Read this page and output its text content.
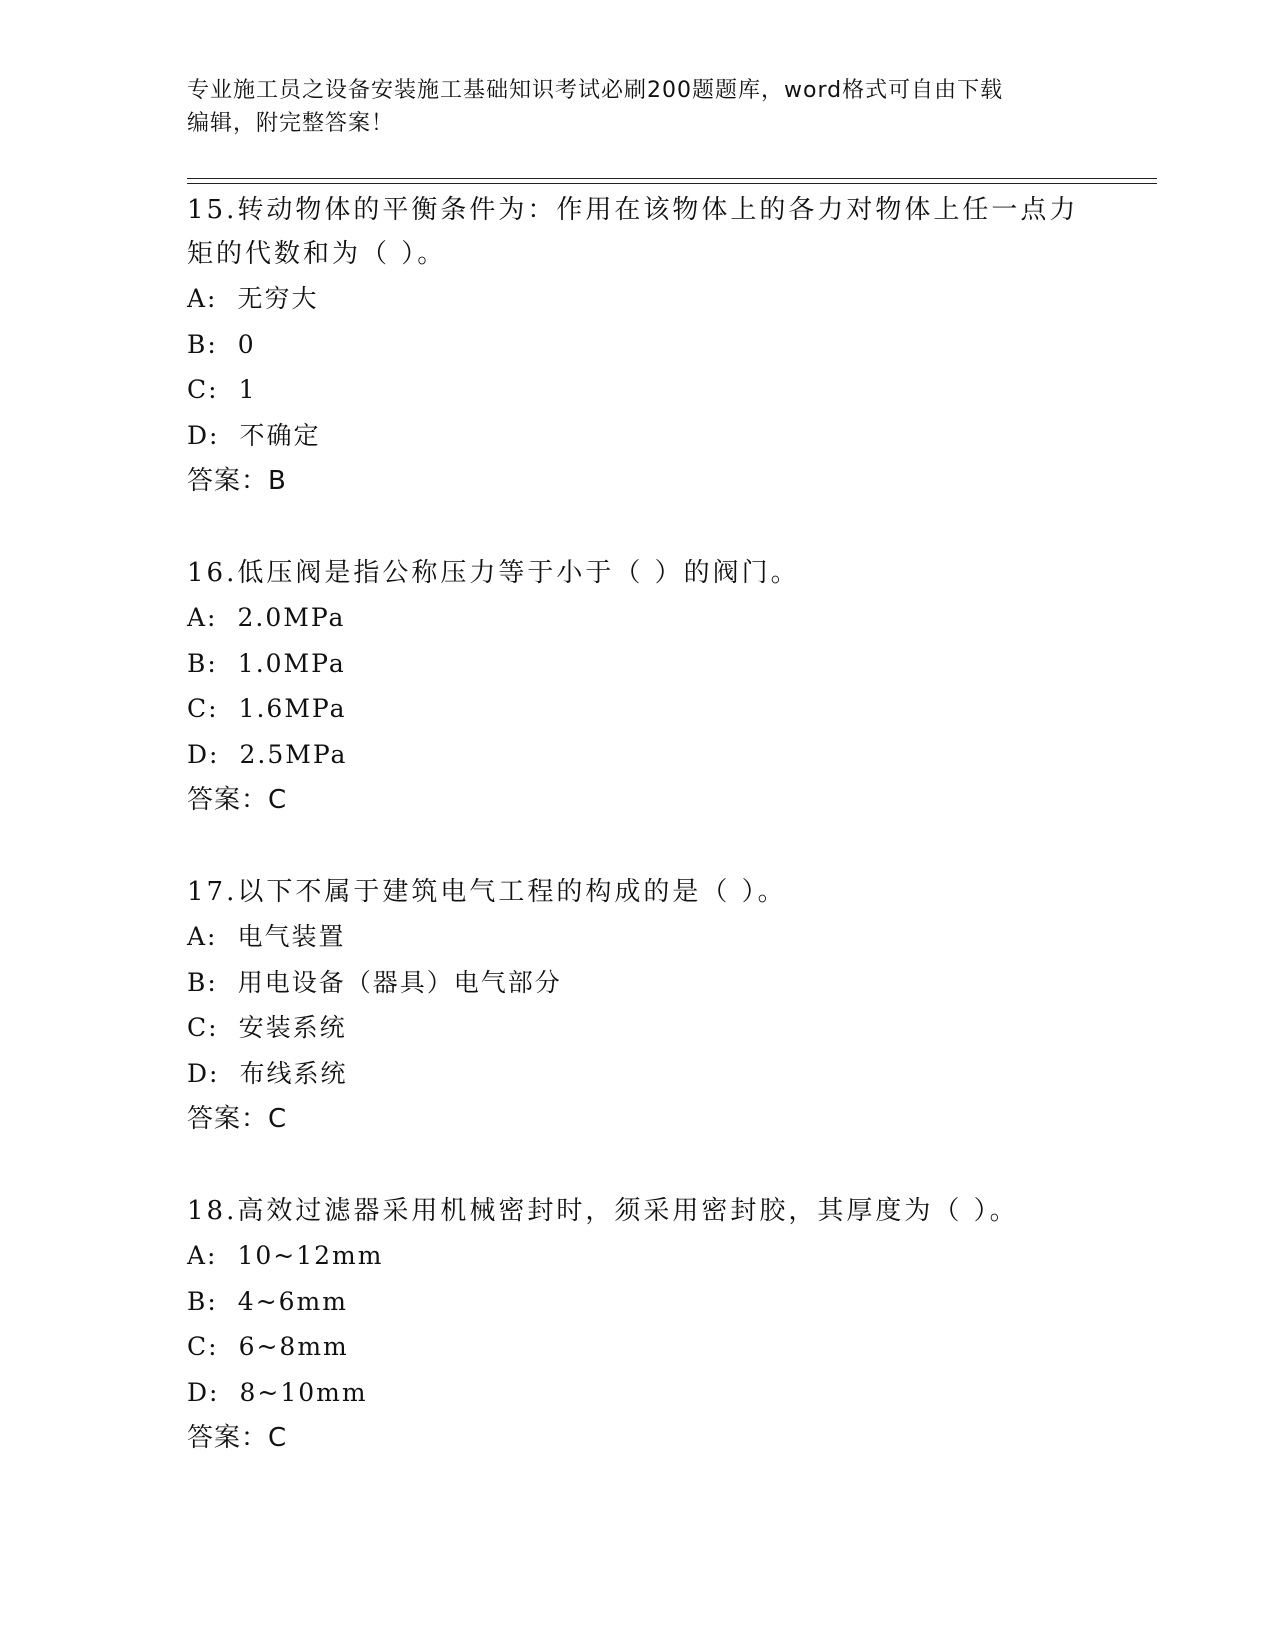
专业施工员之设备安装施工基础知识考试必刷200题题库，word格式可自由下载
编辑，附完整答案！

15.转动物体的平衡条件为：作用在该物体上的各力对物体上任一点力

矩的代数和为（ ）。

A: 无穷大

B: 0

C: 1

D: 不确定

答案：B

16.低压阀是指公称压力等于小于（ ）的阀门。

A: 2.0MPa

B: 1.0MPa

C: 1.6MPa

D: 2.5MPa

答案：C

17.以下不属于建筑电气工程的构成的是（ ）。

A: 电气装置

B: 用电设备（器具）电气部分

C: 安装系统

D: 布线系统

答案：C

18.高效过滤器采用机械密封时，须采用密封胶，其厚度为（ ）。

A: 10~12mm

B: 4~6mm

C: 6~8mm

D: 8~10mm

答案：C
